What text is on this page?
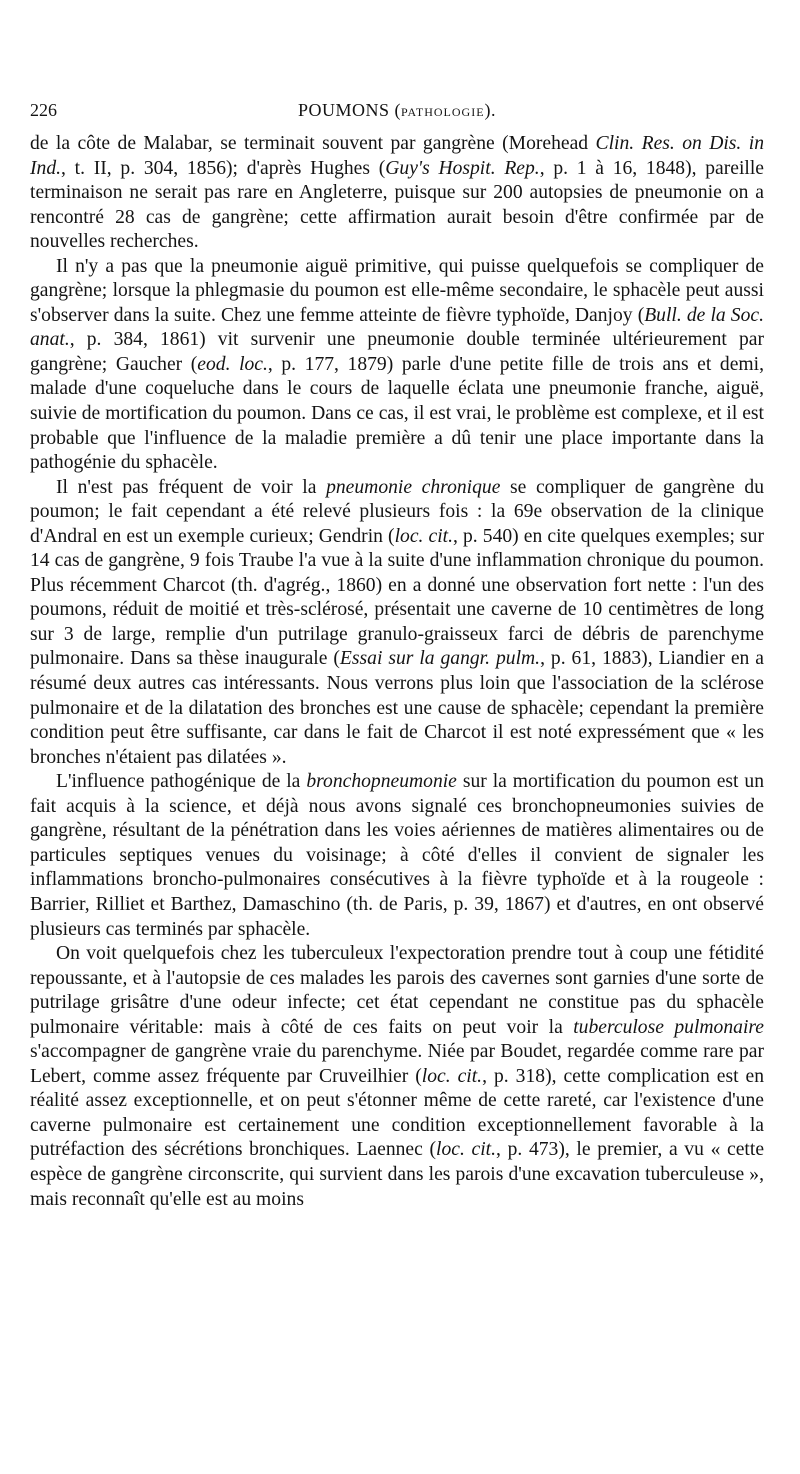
226	POUMONS (PATHOLOGIE).

de la côte de Malabar, se terminait souvent par gangrène (Morehead Clin. Res. on Dis. in Ind., t. II, p. 304, 1856); d'après Hughes (Guy's Hospit. Rep., p. 1 à 16, 1848), pareille terminaison ne serait pas rare en Angleterre, puisque sur 200 autopsies de pneumonie on a rencontré 28 cas de gangrène; cette affirmation aurait besoin d'être confirmée par de nouvelles recherches.

Il n'y a pas que la pneumonie aiguë primitive, qui puisse quelquefois se compliquer de gangrène; lorsque la phlegmasie du poumon est elle-même secondaire, le sphacèle peut aussi s'observer dans la suite. Chez une femme atteinte de fièvre typhoïde, Danjoy (Bull. de la Soc. anat., p. 384, 1861) vit survenir une pneumonie double terminée ultérieurement par gangrène; Gaucher (eod. loc., p. 177, 1879) parle d'une petite fille de trois ans et demi, malade d'une coqueluche dans le cours de laquelle éclata une pneumonie franche, aiguë, suivie de mortification du poumon. Dans ce cas, il est vrai, le problème est complexe, et il est probable que l'influence de la maladie première a dû tenir une place importante dans la pathogénie du sphacèle.

Il n'est pas fréquent de voir la pneumonie chronique se compliquer de gangrène du poumon; le fait cependant a été relevé plusieurs fois : la 69e observation de la clinique d'Andral en est un exemple curieux; Gendrin (loc. cit., p. 540) en cite quelques exemples; sur 14 cas de gangrène, 9 fois Traube l'a vue à la suite d'une inflammation chronique du poumon. Plus récemment Charcot (th. d'agrég., 1860) en a donné une observation fort nette : l'un des poumons, réduit de moitié et très-sclérosé, présentait une caverne de 10 centimètres de long sur 3 de large, remplie d'un putrilage granulo-graisseux farci de débris de parenchyme pulmonaire. Dans sa thèse inaugurale (Essai sur la gangr. pulm., p. 61, 1883), Liandier en a résumé deux autres cas intéressants. Nous verrons plus loin que l'association de la sclérose pulmonaire et de la dilatation des bronches est une cause de sphacèle; cependant la première condition peut être suffisante, car dans le fait de Charcot il est noté expressément que « les bronches n'étaient pas dilatées ».

L'influence pathogénique de la bronchopneumonie sur la mortification du poumon est un fait acquis à la science, et déjà nous avons signalé ces bronchopneumonies suivies de gangrène, résultant de la pénétration dans les voies aériennes de matières alimentaires ou de particules septiques venues du voisinage; à côté d'elles il convient de signaler les inflammations broncho-pulmonaires consécutives à la fièvre typhoïde et à la rougeole : Barrier, Rilliet et Barthez, Damaschino (th. de Paris, p. 39, 1867) et d'autres, en ont observé plusieurs cas terminés par sphacèle.

On voit quelquefois chez les tuberculeux l'expectoration prendre tout à coup une fétidité repoussante, et à l'autopsie de ces malades les parois des cavernes sont garnies d'une sorte de putrilage grisâtre d'une odeur infecte; cet état cependant ne constitue pas du sphacèle pulmonaire véritable: mais à côté de ces faits on peut voir la tuberculose pulmonaire s'accompagner de gangrène vraie du parenchyme. Niée par Boudet, regardée comme rare par Lebert, comme assez fréquente par Cruveilhier (loc. cit., p. 318), cette complication est en réalité assez exceptionnelle, et on peut s'étonner même de cette rareté, car l'existence d'une caverne pulmonaire est certainement une condition exceptionnellement favorable à la putréfaction des sécrétions bronchiques. Laennec (loc. cit., p. 473), le premier, a vu « cette espèce de gangrène circonscrite, qui survient dans les parois d'une excavation tuberculeuse », mais reconnaît qu'elle est au moins
